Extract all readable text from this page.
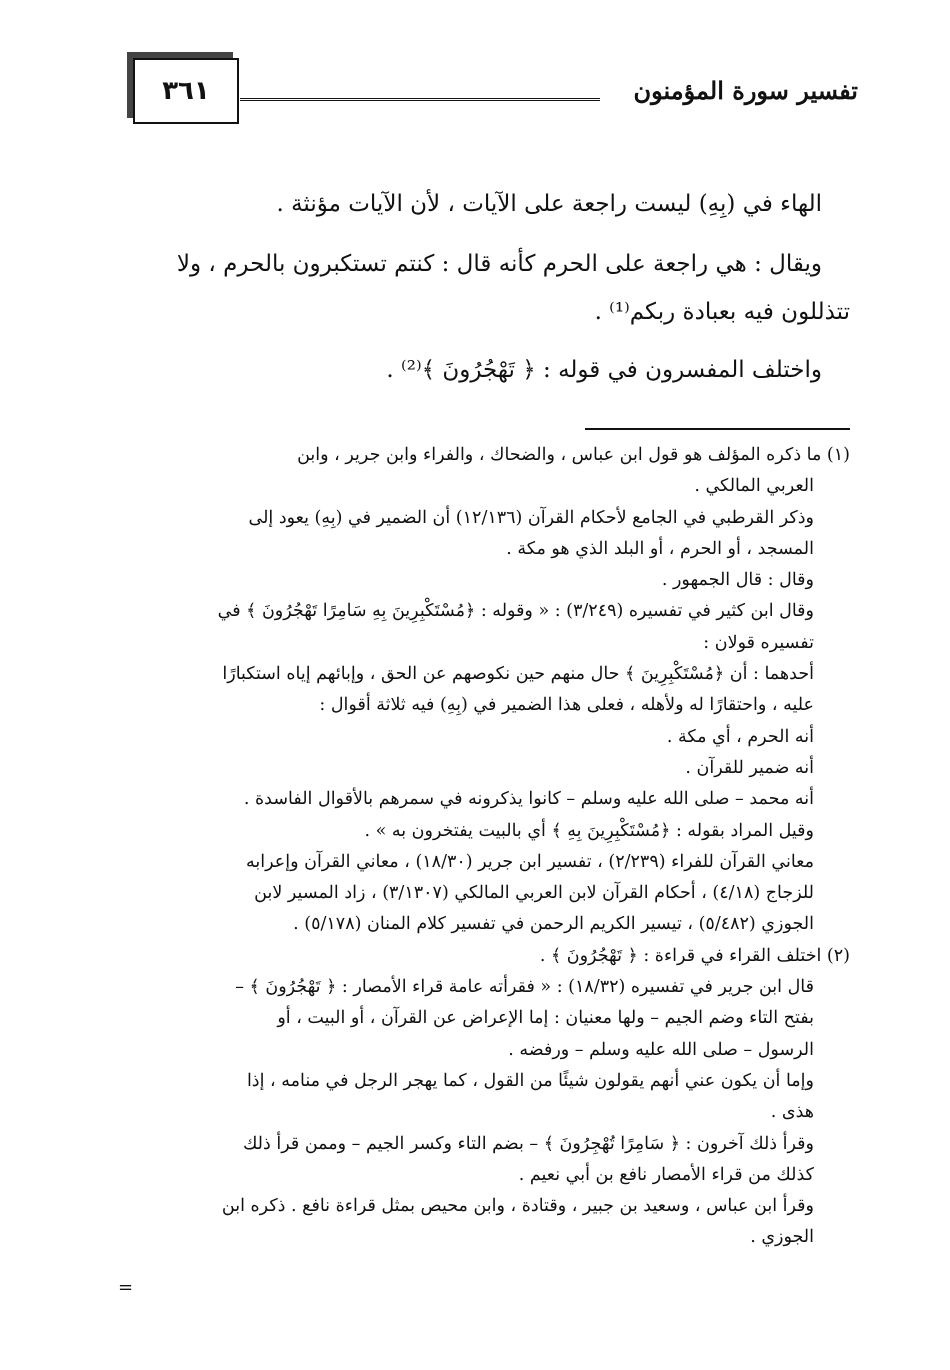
٣٦١	تفسير سورة المؤمنون

الهاء في (بِهِ) ليست راجعة على الآيات ، لأن الآيات مؤنثة .

ويقال : هي راجعة على الحرم كأنه قال : كنتم تستكبرون بالحرم ، ولا تتذللون فيه بعبادة ربكم⁽¹⁾ .

واختلف المفسرون في قوله : ﴿ تَهْجُرُونَ ﴾⁽²⁾ .

(١) ما ذكره المؤلف هو قول ابن عباس ، والضحاك ، والفراء وابن جرير ، وابن

العربي المالكي .

وذكر القرطبي في الجامع لأحكام القرآن (١٢/١٣٦) أن الضمير في (بِهِ) يعود إلى

المسجد ، أو الحرم ، أو البلد الذي هو مكة .

وقال : قال الجمهور .

وقال ابن كثير في تفسيره (٣/٢٤٩) : « وقوله : ﴿مُسْتَكْبِرِينَ بِهِ سَامِرًا تَهْجُرُونَ ﴾ في

تفسيره قولان :

أحدهما : أن ﴿مُسْتَكْبِرِينَ ﴾ حال منهم حين نكوصهم عن الحق ، وإبائهم إياه استكبارًا

عليه ، واحتقارًا له ولأهله ، فعلى هذا الضمير في (بِهِ) فيه ثلاثة أقوال :

أنه الحرم ، أي مكة .

أنه ضمير للقرآن .

أنه محمد – صلى الله عليه وسلم – كانوا يذكرونه في سمرهم بالأقوال الفاسدة .

وقيل المراد بقوله : ﴿مُسْتَكْبِرِينَ بِهِ ﴾ أي بالبيت يفتخرون به » .

معاني القرآن للفراء (٢/٢٣٩) ، تفسير ابن جرير (١٨/٣٠) ، معاني القرآن وإعرابه

للزجاج (٤/١٨) ، أحكام القرآن لابن العربي المالكي (٣/١٣٠٧) ، زاد المسير لابن

الجوزي (٥/٤٨٢) ، تيسير الكريم الرحمن في تفسير كلام المنان (٥/١٧٨) .

(٢) اختلف القراء في قراءة : ﴿ تَهْجُرُونَ ﴾ .

قال ابن جرير في تفسيره (١٨/٣٢) : « فقرأته عامة قراء الأمصار : ﴿ تَهْجُرُونَ ﴾ –

بفتح التاء وضم الجيم – ولها معنيان : إما الإعراض عن القرآن ، أو البيت ، أو

الرسول – صلى الله عليه وسلم – ورفضه .

وإما أن يكون عني أنهم يقولون شيئًا من القول ، كما يهجر الرجل في منامه ، إذا

هذى .

وقرأ ذلك آخرون : ﴿ سَامِرًا تُهْجِرُونَ ﴾ – بضم التاء وكسر الجيم – وممن قرأ ذلك

كذلك من قراء الأمصار نافع بن أبي نعيم .

وقرأ ابن عباس ، وسعيد بن جبير ، وقتادة ، وابن محيص بمثل قراءة نافع . ذكره ابن

الجوزي .

=
